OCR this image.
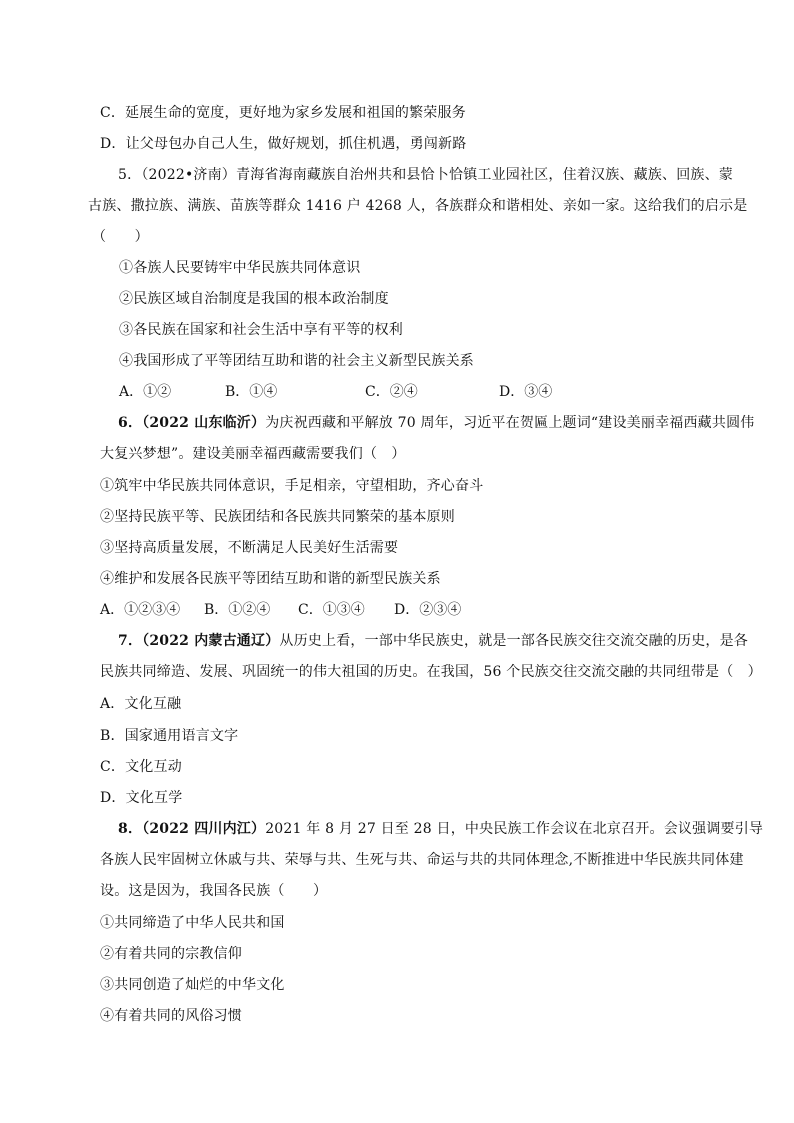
C．延展生命的宽度，更好地为家乡发展和祖国的繁荣服务
D．让父母包办自己人生，做好规划，抓住机遇，勇闯新路
5．（2022•济南）青海省海南藏族自治州共和县恰卜恰镇工业园社区，住着汉族、藏族、回族、蒙
古族、撒拉族、满族、苗族等群众 1416 户 4268 人，各族群众和谐相处、亲如一家。这给我们的启示是
（　　）
①各族人民要铸牢中华民族共同体意识
②民族区域自治制度是我国的根本政治制度
③各民族在国家和社会生活中享有平等的权利
④我国形成了平等团结互助和谐的社会主义新型民族关系
A．①②	B．①④	C．②④	D．③④
6．（2022 山东临沂）为庆祝西藏和平解放 70 周年，习近平在贺匾上题词“建设美丽幸福西藏共圆伟
大复兴梦想”。建设美丽幸福西藏需要我们（　）
①筑牢中华民族共同体意识，手足相亲，守望相助，齐心奋斗
②坚持民族平等、民族团结和各民族共同繁荣的基本原则
③坚持高质量发展，不断满足人民美好生活需要
④维护和发展各民族平等团结互助和谐的新型民族关系
A．①②③④ B．①②④ C．①③④ D．②③④
7．（2022 内蒙古通辽）从历史上看，一部中华民族史，就是一部各民族交往交流交融的历史，是各
民族共同缔造、发展、巩固统一的伟大祖国的历史。在我国，56 个民族交往交流交融的共同纽带是（　）
A．文化互融
B．国家通用语言文字
C．文化互动
D．文化互学
8．（2022 四川内江）2021 年 8 月 27 日至 28 日，中央民族工作会议在北京召开。会议强调要引导
各族人民牢固树立休戚与共、荣辱与共、生死与共、命运与共的共同体理念,不断推进中华民族共同体建
设。这是因为，我国各民族（　　）
①共同缔造了中华人民共和国
②有着共同的宗教信仰
③共同创造了灿烂的中华文化
④有着共同的风俗习惯
